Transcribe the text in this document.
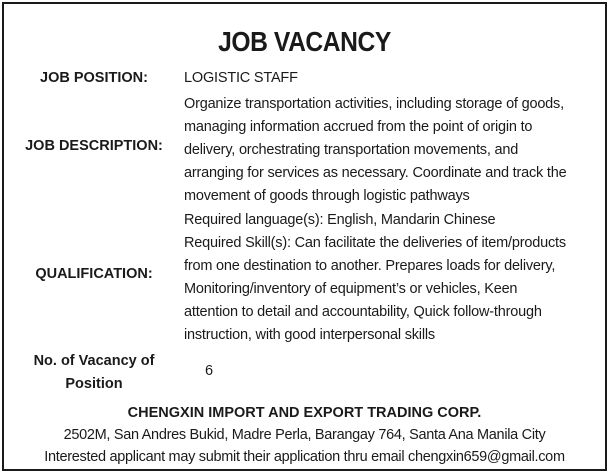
JOB VACANCY
JOB POSITION:	LOGISTIC STAFF
JOB DESCRIPTION:
Organize transportation activities, including storage of goods,
managing information accrued from the point of origin to
delivery, orchestrating transportation movements, and
arranging for services as necessary. Coordinate and track the
movement of goods through logistic pathways
QUALIFICATION:
Required language(s): English, Mandarin Chinese
Required Skill(s): Can facilitate the deliveries of item/products
from one destination to another. Prepares loads for delivery,
Monitoring/inventory of equipment’s or vehicles, Keen
attention to detail and accountability, Quick follow-through
instruction, with good interpersonal skills
No. of Vacancy of
Position
6
CHENGXIN IMPORT AND EXPORT TRADING CORP.
2502M, San Andres Bukid, Madre Perla, Barangay 764, Santa Ana Manila City
Interested applicant may submit their application thru email chengxin659@gmail.com
